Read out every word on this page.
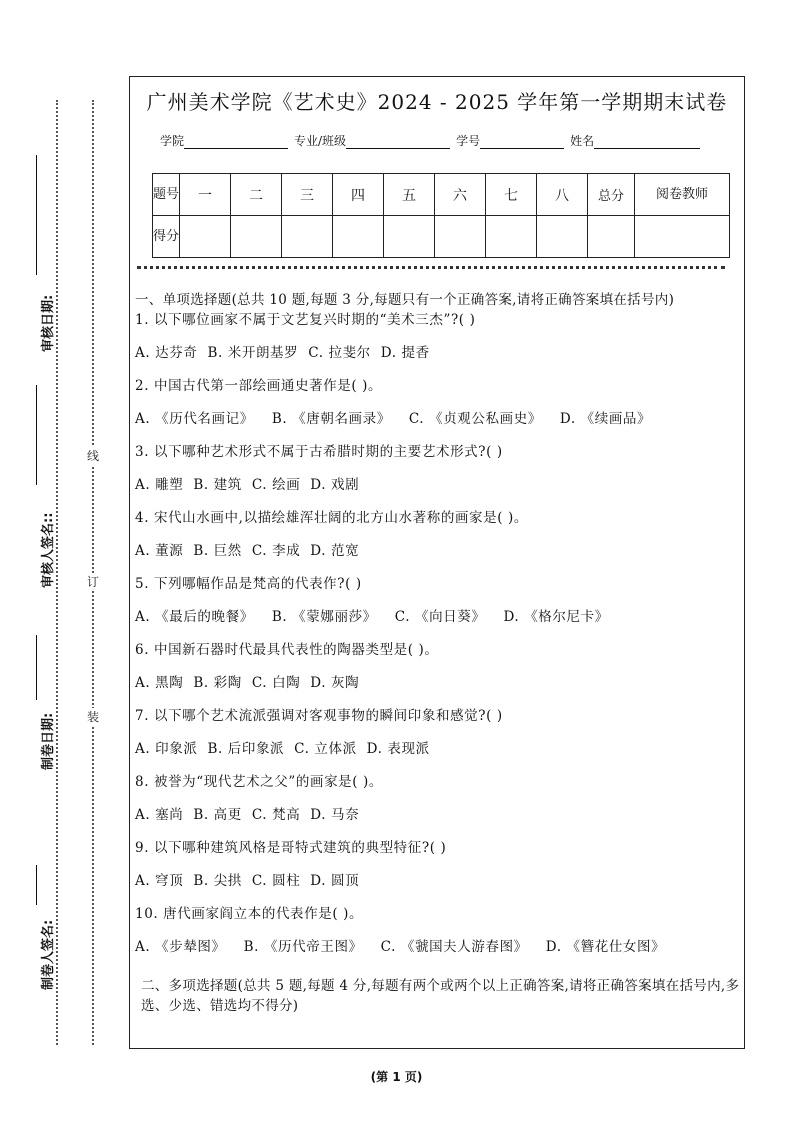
审核日期:
审核人签名::
制卷日期:
制卷人签名:
线
订
装
广州美术学院《艺术史》2024 - 2025 学年第一学期期末试卷
学院	专业/班级	学号	姓名
题号	一	二	三	四	五	六	七	八	总分	阅卷教师
得分										

一、单项选择题(总共 10 题,每题 3 分,每题只有一个正确答案,请将正确答案填在括号内)

1. 以下哪位画家不属于文艺复兴时期的“美术三杰”?( )

A. 达芬奇 B. 米开朗基罗 C. 拉斐尔 D. 提香

2. 中国古代第一部绘画通史著作是( )。

A. 《历代名画记》 B. 《唐朝名画录》 C. 《贞观公私画史》 D. 《续画品》

3. 以下哪种艺术形式不属于古希腊时期的主要艺术形式?( )

A. 雕塑 B. 建筑 C. 绘画 D. 戏剧

4. 宋代山水画中,以描绘雄浑壮阔的北方山水著称的画家是( )。

A. 董源 B. 巨然 C. 李成 D. 范宽

5. 下列哪幅作品是梵高的代表作?( )

A. 《最后的晚餐》 B. 《蒙娜丽莎》 C. 《向日葵》 D. 《格尔尼卡》

6. 中国新石器时代最具代表性的陶器类型是( )。

A. 黑陶 B. 彩陶 C. 白陶 D. 灰陶

7. 以下哪个艺术流派强调对客观事物的瞬间印象和感觉?( )

A. 印象派 B. 后印象派 C. 立体派 D. 表现派

8. 被誉为“现代艺术之父”的画家是( )。

A. 塞尚 B. 高更 C. 梵高 D. 马奈

9. 以下哪种建筑风格是哥特式建筑的典型特征?( )

A. 穹顶 B. 尖拱 C. 圆柱 D. 圆顶

10. 唐代画家阎立本的代表作是( )。

A. 《步辇图》 B. 《历代帝王图》 C. 《虢国夫人游春图》 D. 《簪花仕女图》

二、多项选择题(总共 5 题,每题 4 分,每题有两个或两个以上正确答案,请将正确答案填在括号内,多选、少选、错选均不得分)

(第 1 页)
